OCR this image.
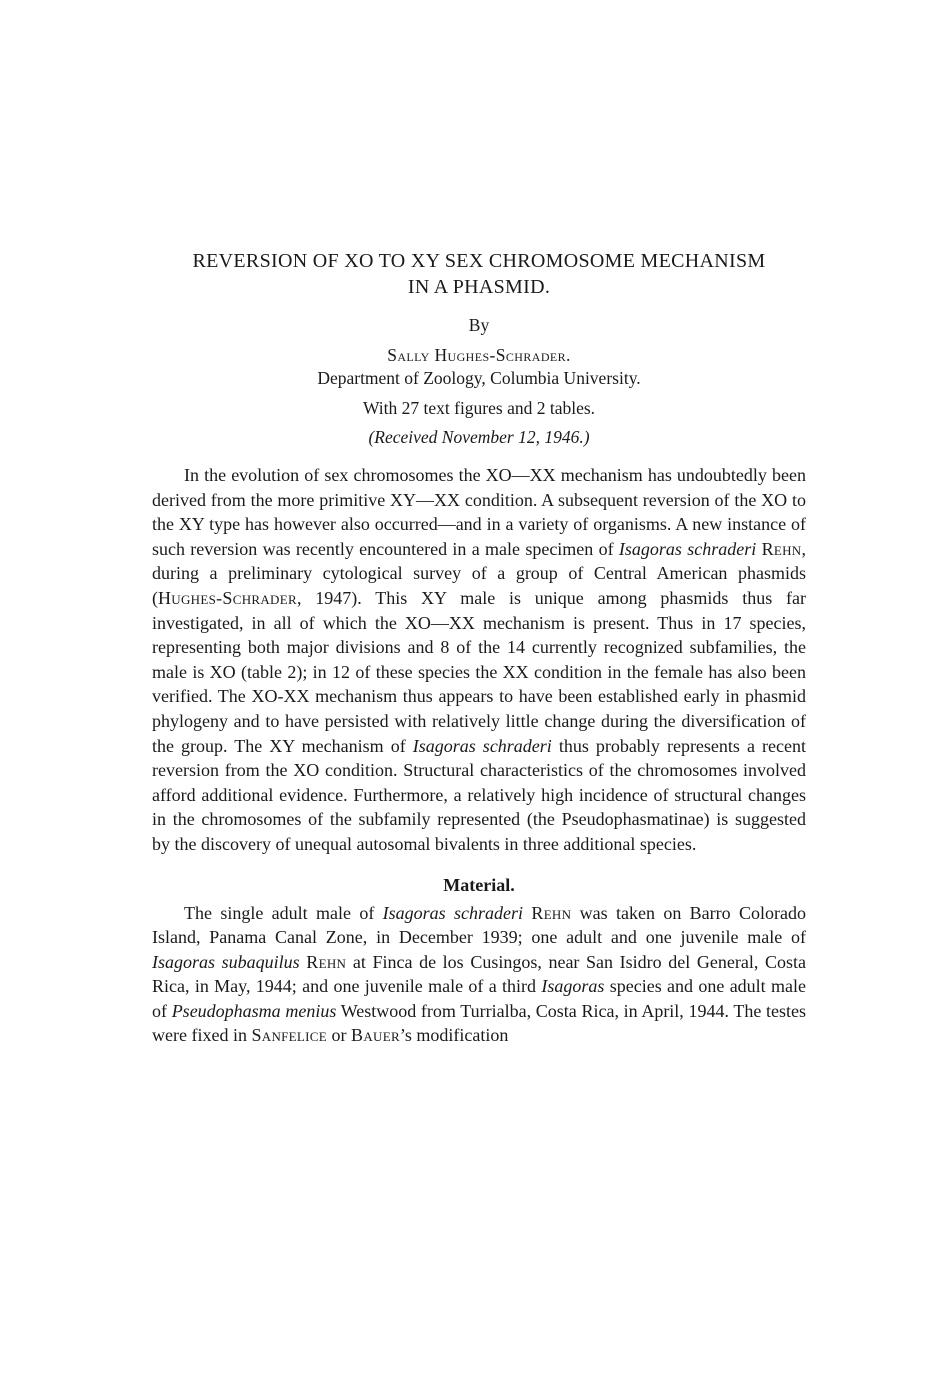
REVERSION OF XO TO XY SEX CHROMOSOME MECHANISM
IN A PHASMID.

By

Sally Hughes-Schrader.

Department of Zoology, Columbia University.

With 27 text figures and 2 tables.

(Received November 12, 1946.)

In the evolution of sex chromosomes the XO—XX mechanism has undoubtedly been derived from the more primitive XY—XX condition. A subsequent reversion of the XO to the XY type has however also occurred—and in a variety of organisms. A new instance of such reversion was recently encountered in a male specimen of Isagoras schraderi Rehn, during a preliminary cytological survey of a group of Central American phasmids (Hughes-Schrader, 1947). This XY male is unique among phasmids thus far investigated, in all of which the XO—XX mechanism is present. Thus in 17 species, representing both major divisions and 8 of the 14 currently recognized subfamilies, the male is XO (table 2); in 12 of these species the XX condition in the female has also been verified. The XO-XX mechanism thus appears to have been established early in phasmid phylogeny and to have persisted with relatively little change during the diversification of the group. The XY mechanism of Isagoras schraderi thus probably represents a recent reversion from the XO condition. Structural characteristics of the chromosomes involved afford additional evidence. Furthermore, a relatively high incidence of structural changes in the chromosomes of the subfamily represented (the Pseudophasmatinae) is suggested by the discovery of unequal autosomal bivalents in three additional species.

Material.

The single adult male of Isagoras schraderi Rehn was taken on Barro Colorado Island, Panama Canal Zone, in December 1939; one adult and one juvenile male of Isagoras subaquilus Rehn at Finca de los Cusingos, near San Isidro del General, Costa Rica, in May, 1944; and one juvenile male of a third Isagoras species and one adult male of Pseudophasma menius Westwood from Turrialba, Costa Rica, in April, 1944. The testes were fixed in Sanfelice or Bauer’s modification
